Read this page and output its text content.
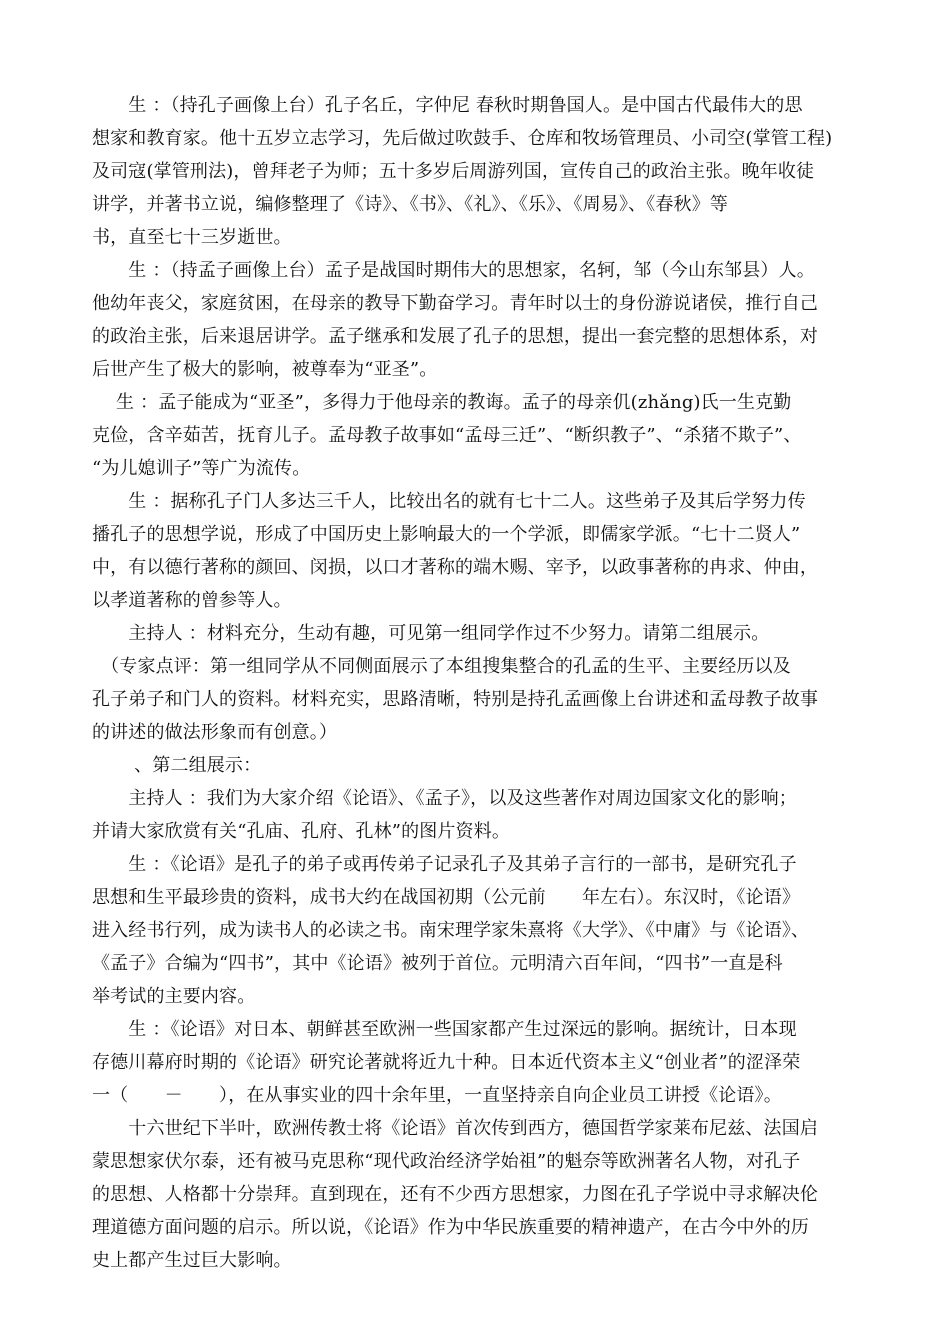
　　生 ：（持孔子画像上台）孔子名丘，字仲尼 春秋时期鲁国人。是中国古代最伟大的思

想家和教育家。他十五岁立志学习，先后做过吹鼓手、仓库和牧场管理员、小司空(掌管工程)

及司寇(掌管刑法)，曾拜老子为师；五十多岁后周游列国，宣传自己的政治主张。晚年收徒

讲学，并著书立说，编修整理了《诗》、《书》、《礼》、《乐》、《周易》、《春秋》等

书，直至七十三岁逝世。

　　生 ：（持孟子画像上台）孟子是战国时期伟大的思想家，名轲，邹（今山东邹县）人。

他幼年丧父，家庭贫困，在母亲的教导下勤奋学习。青年时以士的身份游说诸侯，推行自己

的政治主张，后来退居讲学。孟子继承和发展了孔子的思想，提出一套完整的思想体系，对

后世产生了极大的影响，被尊奉为“亚圣”。

　 生 ：孟子能成为“亚圣”，多得力于他母亲的教诲。孟子的母亲仉(zhǎng)氏一生克勤

克俭，含辛茹苦，抚育儿子。孟母教子故事如“孟母三迁”、“断织教子”、“杀猪不欺子”、

“为儿媳训子”等广为流传。

　　生 ：据称孔子门人多达三千人，比较出名的就有七十二人。这些弟子及其后学努力传

播孔子的思想学说，形成了中国历史上影响最大的一个学派，即儒家学派。“七十二贤人”

中，有以德行著称的颜回、闵损，以口才著称的端木赐、宰予，以政事著称的冉求、仲由，

以孝道著称的曾参等人。

　　主持人 ：材料充分，生动有趣，可见第一组同学作过不少努力。请第二组展示。

　（专家点评：第一组同学从不同侧面展示了本组搜集整合的孔孟的生平、主要经历以及

孔子弟子和门人的资料。材料充实，思路清晰，特别是持孔孟画像上台讲述和孟母教子故事

的讲述的做法形象而有创意。）

　　 、第二组展示：

　　主持人 ：我们为大家介绍《论语》、《孟子》，以及这些著作对周边国家文化的影响；

并请大家欣赏有关“孔庙、孔府、孔林”的图片资料。

　　生 ：《论语》是孔子的弟子或再传弟子记录孔子及其弟子言行的一部书，是研究孔子

思想和生平最珍贵的资料，成书大约在战国初期（公元前　　年左右）。东汉时，《论语》

进入经书行列，成为读书人的必读之书。南宋理学家朱熹将《大学》、《中庸》与《论语》、

《孟子》合编为“四书”，其中《论语》被列于首位。元明清六百年间，“四书”一直是科

举考试的主要内容。

　　生 ：《论语》对日本、朝鲜甚至欧洲一些国家都产生过深远的影响。据统计，日本现

存德川幕府时期的《论语》研究论著就将近九十种。日本近代资本主义“创业者”的涩泽荣

一（　　－　　），在从事实业的四十余年里，一直坚持亲自向企业员工讲授《论语》。

　　十六世纪下半叶，欧洲传教士将《论语》首次传到西方，德国哲学家莱布尼兹、法国启

蒙思想家伏尔泰，还有被马克思称“现代政治经济学始祖”的魁奈等欧洲著名人物，对孔子

的思想、人格都十分崇拜。直到现在，还有不少西方思想家，力图在孔子学说中寻求解决伦

理道德方面问题的启示。所以说，《论语》作为中华民族重要的精神遗产，在古今中外的历

史上都产生过巨大影响。
